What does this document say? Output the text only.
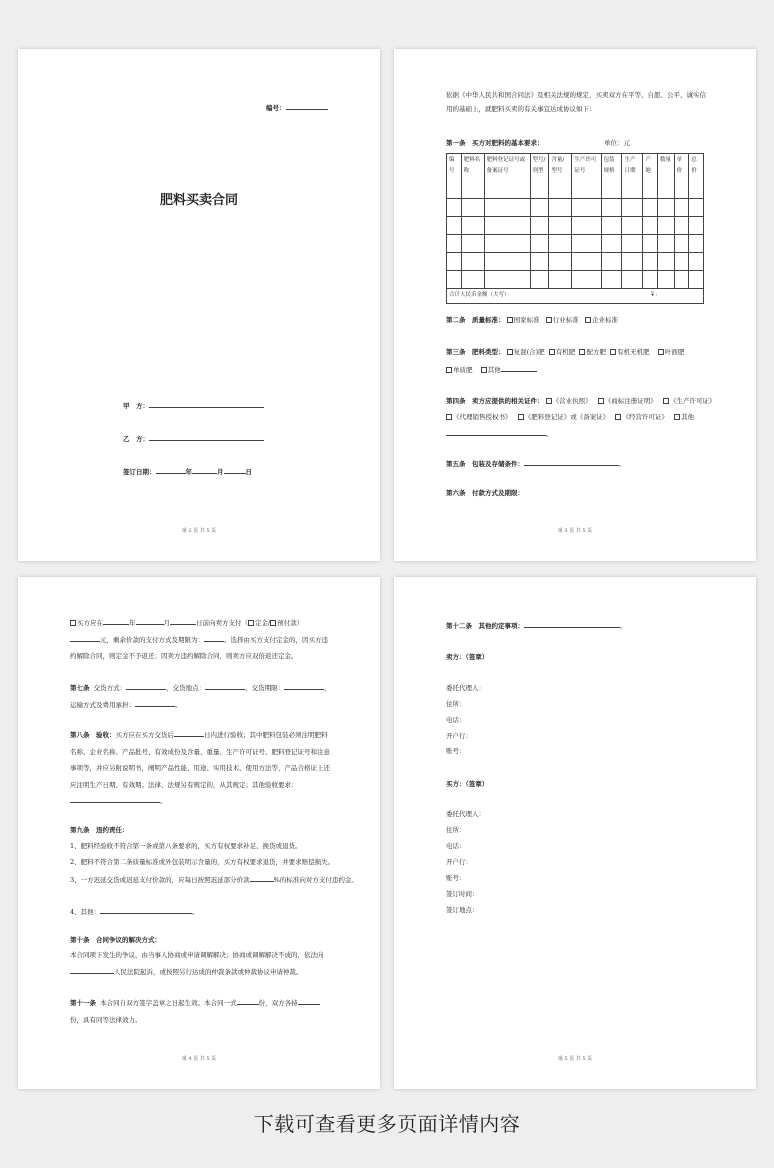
编号：
肥料买卖合同
甲　方：
乙　方：
签订日期：	年	月	日
第 2 页 共 5 页
依据《中华人民共和国合同法》及相关法规的规定，买卖双方在平等、自愿、公平、诚实信用的基础上，就肥料买卖的有关事宜达成协议如下：
第一条　买方对肥料的基本要求：	单位：元
编号	肥料名称	肥料登记证号或备案证号	型号/剂型	含量/型号	生产许可证号	包装规格	生产日期	产地	数量	单价	总价

合计人民币金额（大写）： ￥：											
第二条　质量标准： 国家标准 行业标准 企业标准
第三条　肥料类型： 复混(合)肥 有机肥 配方肥 有机无机肥 叶面肥
单质肥 其他
第四条　卖方应提供的相关证件： 《营业执照》 《商标注册证明》 《生产许可证》
《代理销售授权书》 《肥料登记证》或《备案证》 《经营许可证》 其他
。
第五条　包装及存储条件：	。
第六条　付款方式及期限：
第 3 页 共 5 页
买方应在	年	月	日前向卖方支付（ 定金/ 预付款）元，剩余价款的支付方式及期限为：	。选择由买方支付定金的，因买方违约解除合同，则定金不予返还；因卖方违约解除合同，则卖方应双倍返还定金。
第七条 交货方式：	，交货地点：	，交货期限：	，运输方式及费用承担：	。
第八条　验收：买方应在买方交货后	日内进行验收；其中肥料包装必须注明肥料名称、企业名称、产品批号、有效成份及含量、重量、生产许可证号、肥料登记证号和注意事项等，并应另附说明书，阐明产品性能、用途、实用技术、使用方法等，产品合格证上还应注明生产日期、有效期；法律、法规另有规定的，从其规定；其他验收要求：。
第九条　违约责任：
1、肥料经验收不符合第一条或第八条要求的，买方有权要求补足、换货或退货。
2、肥料不符合第二条质量标准或外包装明示含量的，买方有权要求退货，并要求赔偿损失。
3、一方迟延交货或迟延支付价款的，应每日按照迟延部分价款	%的标准向对方支付违约金。
4、其他：	。
第十条　合同争议的解决方式：
本合同项下发生的争议，由当事人协商或申请调解解决；协商或调解解决不成的，依法向人民法院起诉，或按照另行达成的仲裁条款或仲裁协议申请仲裁。
第十一条 本合同自双方签字盖章之日起生效。本合同一式	份，双方各持份，具有同等法律效力。
第 4 页 共 5 页
第十二条　其他约定事项：	。
卖方：（签章）
委托代理人：
住所：
电话：
开户行：
账号：
买方：（签章）
委托代理人：
住所：
电话：
开户行：
账号：
签订时间：
签订地点：
第 5 页 共 5 页
下载可查看更多页面详情内容
